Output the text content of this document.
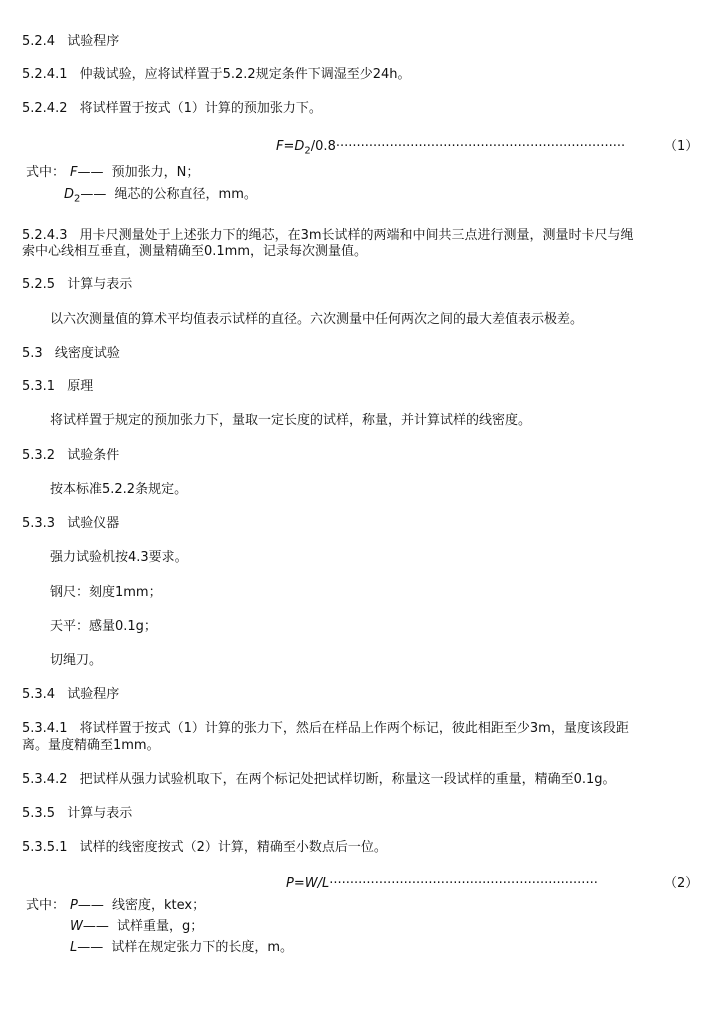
5.2.4 试验程序
5.2.4.1 仲裁试验，应将试样置于5.2.2规定条件下调湿至少24h。
5.2.4.2 将试样置于按式（1）计算的预加张力下。
$F=D_2/0.8\cdot\cdot\cdot\cdot\cdot\cdot\cdot\cdot\cdot\cdot\cdot\cdot\cdot\cdot\cdot\cdot\cdot\cdot\cdot\cdot\cdot\cdot\cdot\cdot\cdot\cdot\cdot\cdot\cdot\cdot\cdot\cdot\cdot\cdot\cdot\cdot\cdot\cdot\cdot\cdot\cdot\cdot\cdot\cdot\cdot\cdot\cdot\cdot\cdot\cdot\cdot\cdot\cdot\cdot\cdot\cdot\cdot\cdot\cdot\cdot\cdot\cdot\cdot\cdot\cdot\cdot\cdot\cdot\cdot\cdot$	（1）
式中： F—— 预加张力，N；
$D_2——$ 绳芯的公称直径，mm。
5.2.4.3 用卡尺测量处于上述张力下的绳芯，在3m长试样的两端和中间共三点进行测量，测量时卡尺与绳
索中心线相互垂直，测量精确至0.1mm，记录每次测量值。
5.2.5 计算与表示
以六次测量值的算术平均值表示试样的直径。六次测量中任何两次之间的最大差值表示极差。
5.3 线密度试验
5.3.1 原理
将试样置于规定的预加张力下，量取一定长度的试样，称量，并计算试样的线密度。
5.3.2 试验条件
按本标准5.2.2条规定。
5.3.3 试验仪器
强力试验机按4.3要求。
钢尺：刻度1mm；
天平：感量0.1g；
切绳刀。
5.3.4 试验程序
5.3.4.1 将试样置于按式（1）计算的张力下，然后在样品上作两个标记，彼此相距至少3m，量度该段距
离。量度精确至1mm。
5.3.4.2 把试样从强力试验机取下，在两个标记处把试样切断，称量这一段试样的重量，精确至0.1g。
5.3.5 计算与表示
5.3.5.1 试样的线密度按式（2）计算，精确至小数点后一位。
P=W/L·································································	（2）
式中： P—— 线密度，ktex；
W—— 试样重量，g；
L—— 试样在规定张力下的长度，m。
